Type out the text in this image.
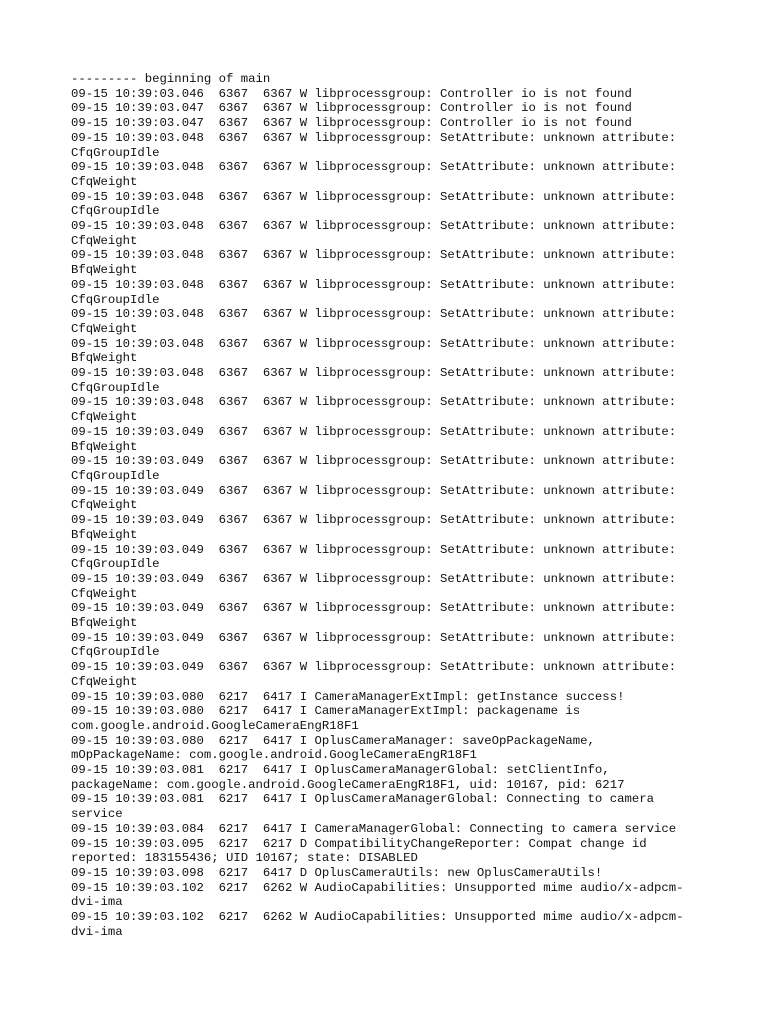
--------- beginning of main
09-15 10:39:03.046  6367  6367 W libprocessgroup: Controller io is not found
09-15 10:39:03.047  6367  6367 W libprocessgroup: Controller io is not found
09-15 10:39:03.047  6367  6367 W libprocessgroup: Controller io is not found
09-15 10:39:03.048  6367  6367 W libprocessgroup: SetAttribute: unknown attribute:
CfqGroupIdle
09-15 10:39:03.048  6367  6367 W libprocessgroup: SetAttribute: unknown attribute:
CfqWeight
09-15 10:39:03.048  6367  6367 W libprocessgroup: SetAttribute: unknown attribute:
CfqGroupIdle
09-15 10:39:03.048  6367  6367 W libprocessgroup: SetAttribute: unknown attribute:
CfqWeight
09-15 10:39:03.048  6367  6367 W libprocessgroup: SetAttribute: unknown attribute:
BfqWeight
09-15 10:39:03.048  6367  6367 W libprocessgroup: SetAttribute: unknown attribute:
CfqGroupIdle
09-15 10:39:03.048  6367  6367 W libprocessgroup: SetAttribute: unknown attribute:
CfqWeight
09-15 10:39:03.048  6367  6367 W libprocessgroup: SetAttribute: unknown attribute:
BfqWeight
09-15 10:39:03.048  6367  6367 W libprocessgroup: SetAttribute: unknown attribute:
CfqGroupIdle
09-15 10:39:03.048  6367  6367 W libprocessgroup: SetAttribute: unknown attribute:
CfqWeight
09-15 10:39:03.049  6367  6367 W libprocessgroup: SetAttribute: unknown attribute:
BfqWeight
09-15 10:39:03.049  6367  6367 W libprocessgroup: SetAttribute: unknown attribute:
CfqGroupIdle
09-15 10:39:03.049  6367  6367 W libprocessgroup: SetAttribute: unknown attribute:
CfqWeight
09-15 10:39:03.049  6367  6367 W libprocessgroup: SetAttribute: unknown attribute:
BfqWeight
09-15 10:39:03.049  6367  6367 W libprocessgroup: SetAttribute: unknown attribute:
CfqGroupIdle
09-15 10:39:03.049  6367  6367 W libprocessgroup: SetAttribute: unknown attribute:
CfqWeight
09-15 10:39:03.049  6367  6367 W libprocessgroup: SetAttribute: unknown attribute:
BfqWeight
09-15 10:39:03.049  6367  6367 W libprocessgroup: SetAttribute: unknown attribute:
CfqGroupIdle
09-15 10:39:03.049  6367  6367 W libprocessgroup: SetAttribute: unknown attribute:
CfqWeight
09-15 10:39:03.080  6217  6417 I CameraManagerExtImpl: getInstance success!
09-15 10:39:03.080  6217  6417 I CameraManagerExtImpl: packagename is
com.google.android.GoogleCameraEngR18F1
09-15 10:39:03.080  6217  6417 I OplusCameraManager: saveOpPackageName,
mOpPackageName: com.google.android.GoogleCameraEngR18F1
09-15 10:39:03.081  6217  6417 I OplusCameraManagerGlobal: setClientInfo,
packageName: com.google.android.GoogleCameraEngR18F1, uid: 10167, pid: 6217
09-15 10:39:03.081  6217  6417 I OplusCameraManagerGlobal: Connecting to camera
service
09-15 10:39:03.084  6217  6417 I CameraManagerGlobal: Connecting to camera service
09-15 10:39:03.095  6217  6217 D CompatibilityChangeReporter: Compat change id
reported: 183155436; UID 10167; state: DISABLED
09-15 10:39:03.098  6217  6417 D OplusCameraUtils: new OplusCameraUtils!
09-15 10:39:03.102  6217  6262 W AudioCapabilities: Unsupported mime audio/x-adpcm-
dvi-ima
09-15 10:39:03.102  6217  6262 W AudioCapabilities: Unsupported mime audio/x-adpcm-
dvi-ima
